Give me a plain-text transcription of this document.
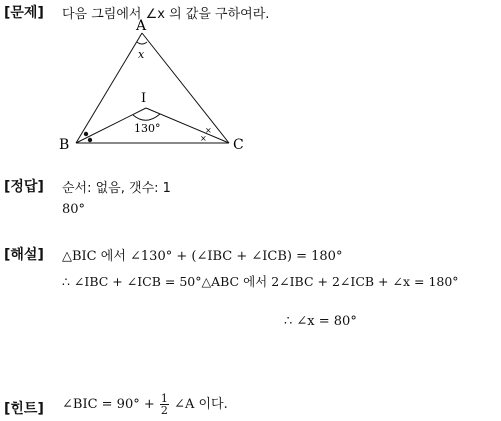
[문제] 다음 그림에서 ∠x 의 값을 구하여라.
A
B	C
I
x
130°	×
×
[정답] 순서: 없음, 갯수: 1
80°
[해설] △BIC 에서 ∠130° + (∠IBC + ∠ICB) = 180°
∴ ∠IBC + ∠ICB = 50°△ABC 에서 2∠IBC + 2∠ICB + ∠x = 180°
∴ ∠x = 80°
[힌트] ∠BIC = $90^\circ + \frac{1}{2}$ ∠A 이다.
